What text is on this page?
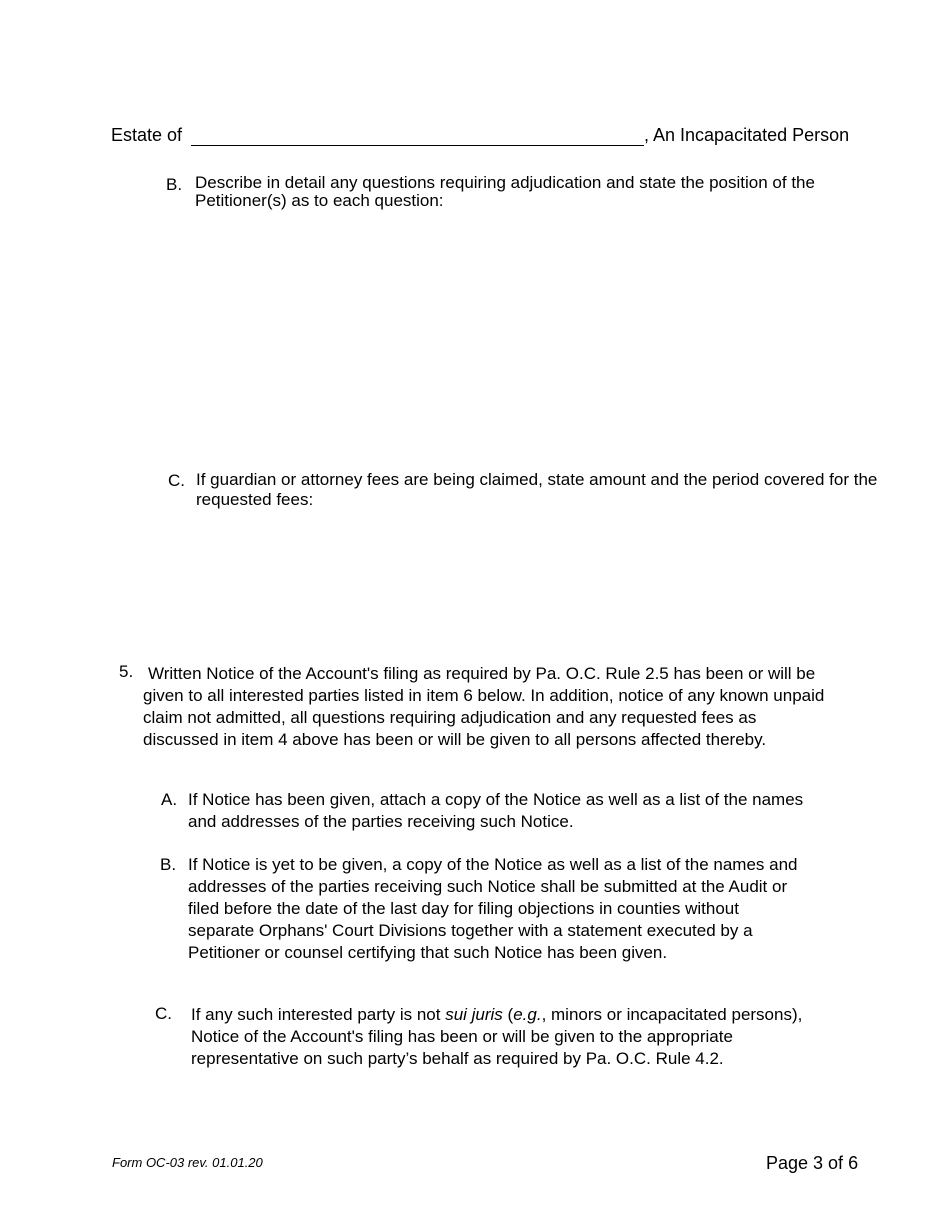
Estate of	, An Incapacitated Person
B. Describe in detail any questions requiring adjudication and state the position of the Petitioner(s) as to each question:
C. If guardian or attorney fees are being claimed, state amount and the period covered for the requested fees:
5. Written Notice of the Account's filing as required by Pa. O.C. Rule 2.5 has been or will be given to all interested parties listed in item 6 below. In addition, notice of any known unpaid claim not admitted, all questions requiring adjudication and any requested fees as discussed in item 4 above has been or will be given to all persons affected thereby.
A. If Notice has been given, attach a copy of the Notice as well as a list of the names and addresses of the parties receiving such Notice.
B. If Notice is yet to be given, a copy of the Notice as well as a list of the names and addresses of the parties receiving such Notice shall be submitted at the Audit or filed before the date of the last day for filing objections in counties without separate Orphans' Court Divisions together with a statement executed by a Petitioner or counsel certifying that such Notice has been given.
C. If any such interested party is not sui juris (e.g., minors or incapacitated persons), Notice of the Account's filing has been or will be given to the appropriate representative on such party’s behalf as required by Pa. O.C. Rule 4.2.
Form OC-03 rev. 01.01.20	Page 3 of 6
